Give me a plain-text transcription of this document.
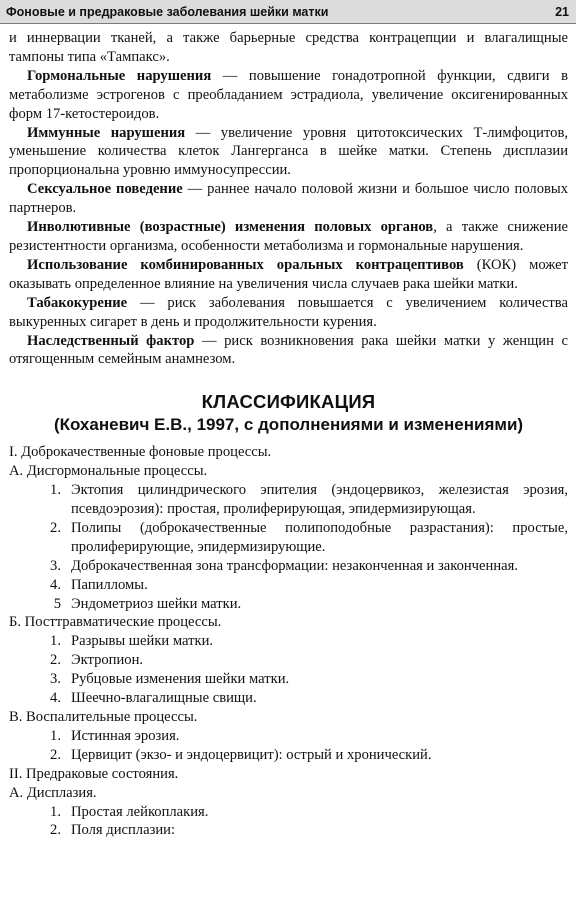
Фоновые и предраковые заболевания шейки матки	21

и иннервации тканей, а также барьерные средства контрацепции и влагалищные тампоны типа «Тампакс».

Гормональные нарушения — повышение гонадотропной функции, сдвиги в метаболизме эстрогенов с преобладанием эстрадиола, увеличение оксигенированных форм 17-кетостероидов.

Иммунные нарушения — увеличение уровня цитотоксических Т-лимфоцитов, уменьшение количества клеток Лангерганса в шейке матки. Степень дисплазии пропорциональна уровню иммуносупрессии.

Сексуальное поведение — раннее начало половой жизни и большое число половых партнеров.

Инволютивные (возрастные) изменения половых органов, а также снижение резистентности организма, особенности метаболизма и гормональные нарушения.

Использование комбинированных оральных контрацептивов (КОК) может оказывать определенное влияние на увеличения числа случаев рака шейки матки.

Табакокурение — риск заболевания повышается с увеличением количества выкуренных сигарет в день и продолжительности курения.

Наследственный фактор — риск возникновения рака шейки матки у женщин с отягощенным семейным анамнезом.

КЛАССИФИКАЦИЯ
(Коханевич Е.В., 1997, с дополнениями и изменениями)

I. Доброкачественные фоновые процессы.

А. Дисгормональные процессы.

1. Эктопия цилиндрического эпителия (эндоцервикоз, железистая эрозия, псевдоэрозия): простая, пролиферирующая, эпидермизирующая.
2. Полипы (доброкачественные полипоподобные разрастания): простые, пролиферирующие, эпидермизирующие.
3. Доброкачественная зона трансформации: незаконченная и законченная.
4. Папилломы.
5 Эндометриоз шейки матки.

Б. Посттравматические процессы.

1. Разрывы шейки матки.
2. Эктропион.
3. Рубцовые изменения шейки матки.
4. Шеечно-влагалищные свищи.

В. Воспалительные процессы.

1. Истинная эрозия.
2. Цервицит (экзо- и эндоцервицит): острый и хронический.

II. Предраковые состояния.

А. Дисплазия.

1. Простая лейкоплакия.
2. Поля дисплазии:
